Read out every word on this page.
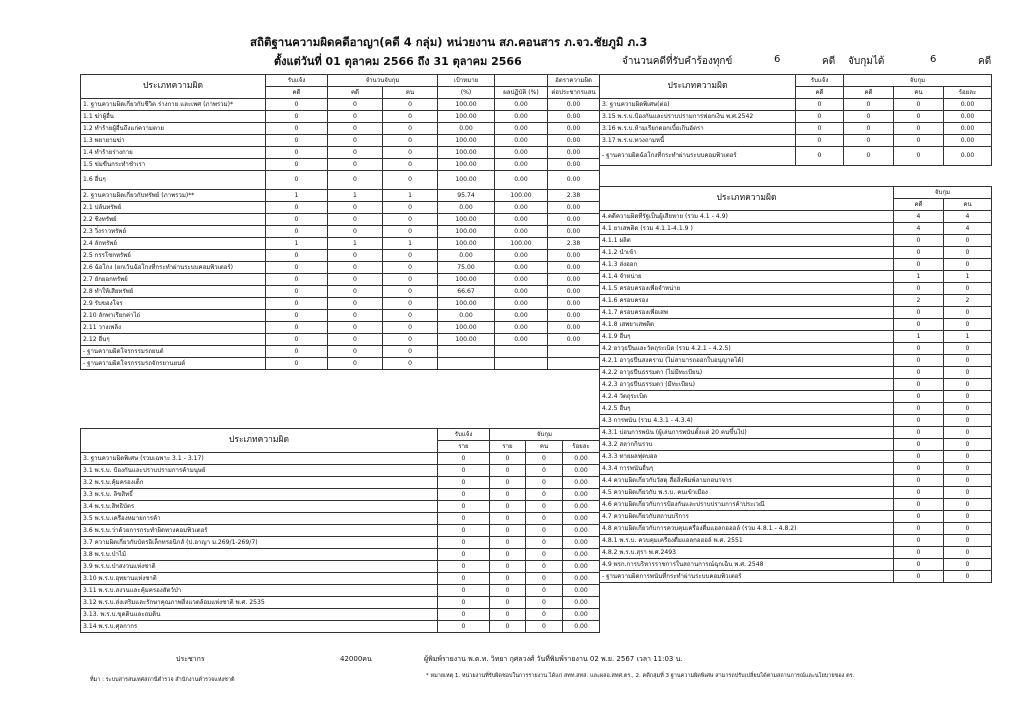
สถิติฐานความผิดคดีอาญา(คดี 4 กลุ่ม) หน่วยงาน สภ.คอนสาร ภ.จว.ชัยภูมิ ภ.3
ตั้งแต่วันที่ 01 ตุลาคม 2566 ถึง 31 ตุลาคม 2566	จำนวนคดีที่รับคำร้องทุกข์	6	คดี จับกุมได้	6	คดี
ประเภทความผิด	รับแจ้ง	จำนวนจับกุม		เป้าหมาย		อัตราความผิด
	คดี	คดี	คน	(%)	ผลปฏิบัติ (%)	ต่อประชากรแสน
1. ฐานความผิดเกี่ยวกับชีวิต ร่างกาย และเพศ (ภาพรวม)*	0	0	0	100.00	0.00	0.00
1.1 ฆ่าผู้อื่น	0	0	0	100.00	0.00	0.00
1.2 ทำร้ายผู้อื่นถึงแก่ความตาย	0	0	0	0.00	0.00	0.00
1.3 พยายามฆ่า	0	0	0	100.00	0.00	0.00
1.4 ทำร้ายร่างกาย	0	0	0	100.00	0.00	0.00
1.5 ข่มขืนกระทำชำเรา	0	0	0	100.00	0.00	0.00
1.6 อื่นๆ	0	0	0	100.00	0.00	0.00
2. ฐานความผิดเกี่ยวกับทรัพย์ (ภาพรวม)**	1	1	1	95.74	100.00	2.38
2.1 ปล้นทรัพย์	0	0	0	0.00	0.00	0.00
2.2 ชิงทรัพย์	0	0	0	100.00	0.00	0.00
2.3 วิ่งราวทรัพย์	0	0	0	100.00	0.00	0.00
2.4 ลักทรัพย์	1	1	1	100.00	100.00	2.38
2.5 กรรโชกทรัพย์	0	0	0	0.00	0.00	0.00
2.6 ฉ้อโกง (ยกเว้นฉ้อโกงที่กระทำผ่านระบบคอมพิวเตอร์)	0	0	0	75.00	0.00	0.00
2.7 ยักยอกทรัพย์	0	0	0	100.00	0.00	0.00
2.8 ทำให้เสียทรัพย์	0	0	0	66.67	0.00	0.00
2.9 รับของโจร	0	0	0	100.00	0.00	0.00
2.10 ลักพาเรียกค่าไถ่	0	0	0	0.00	0.00	0.00
2.11 วางเพลิง	0	0	0	100.00	0.00	0.00
2.12 อื่นๆ	0	0	0	100.00	0.00	0.00
- ฐานความผิดโจรกรรมรถยนต์	0	0	0			
- ฐานความผิดโจรกรรมรถจักรยานยนต์	0	0	0			
ประเภทความผิด	รับแจ้ง	จับกุม		
	คดี	คดี	คน	ร้อยละ
3. ฐานความผิดพิเศษ(ต่อ)	0	0	0	0.00
3.15 พ.ร.บ.ป้องกันและปราบปรามการฟอกเงิน พ.ศ.2542	0	0	0	0.00
3.16 พ.ร.บ.ห้ามเรียกดอกเบี้ยเกินอัตรา	0	0	0	0.00
3.17 พ.ร.บ.ทวงถามหนี้	0	0	0	0.00
- ฐานความผิดฉ้อโกงที่กระทำผ่านระบบคอมพิวเตอร์	0	0	0	0.00
ประเภทความผิด	จับกุม	
	คดี	คน
4.คดีความผิดที่รัฐเป็นผู้เสียหาย (รวม 4.1 - 4.9)	4	4
4.1 ยาเสพติด (รวม 4.1.1-4.1.9 )	4	4
4.1.1 ผลิต	0	0
4.1.2 นำเข้า	0	0
4.1.3 ส่งออก	0	0
4.1.4 จำหน่าย	1	1
4.1.5 ครอบครองเพื่อจำหน่าย	0	0
4.1.6 ครอบครอง	2	2
4.1.7 ครอบครองเพื่อเสพ	0	0
4.1.8 เสพยาเสพติด	0	0
4.1.9 อื่นๆ	1	1
4.2 อาวุธปืนและวัตถุระเบิด (รวม 4.2.1 - 4.2.5)	0	0
4.2.1 อาวุธปืนสงคราม (ไม่สามารถออกใบอนุญาตได้)	0	0
4.2.2 อาวุธปืนธรรมดา (ไม่มีทะเบียน)	0	0
4.2.3 อาวุธปืนธรรมดา (มีทะเบียน)	0	0
4.2.4 วัตถุระเบิด	0	0
4.2.5 อื่นๆ	0	0
4.3 การพนัน (รวม 4.3.1 - 4.3.4)	0	0
4.3.1 บ่อนการพนัน (ผู้เล่นการพนันตั้งแต่ 20 คนขึ้นไป)	0	0
4.3.2 สลากกินรวบ	0	0
4.3.3 ทายผลฟุตบอล	0	0
4.3.4 การพนันอื่นๆ	0	0
4.4 ความผิดเกี่ยวกับวัสดุ สื่อสิ่งพิมพ์ลามกอนาจาร	0	0
4.5 ความผิดเกี่ยวกับ พ.ร.บ. คนเข้าเมือง	0	0
4.6 ความผิดเกี่ยวกับการป้องกันและปราบปรามการค้าประเวณี	0	0
4.7 ความผิดเกี่ยวกับสถานบริการ	0	0
4.8 ความผิดเกี่ยวกับการควบคุมเครื่องดื่มแอลกอฮอล์ (รวม 4.8.1 - 4.8.2)	0	0
4.8.1 พ.ร.บ. ควบคุมเครื่องดื่มแอลกอฮอล์ พ.ศ. 2551	0	0
4.8.2 พ.ร.บ.สุรา พ.ศ.2493	0	0
4.9 พรก.การบริหารราชการในสถานการณ์ฉุกเฉิน พ.ศ. 2548	0	0
- ฐานความผิดการพนันที่กระทำผ่านระบบคอมพิวเตอร์	0	0
ประเภทความผิด	รับแจ้ง	จับกุม		
	ราย	ราย	คน	ร้อยละ
3. ฐานความผิดพิเศษ (รวมเฉพาะ 3.1 - 3.17)	0	0	0	0.00
3.1 พ.ร.บ. ป้องกันและปราบปรามการค้ามนุษย์	0	0	0	0.00
3.2 พ.ร.บ.คุ้มครองเด็ก	0	0	0	0.00
3.3 พ.ร.บ. ลิขสิทธิ์	0	0	0	0.00
3.4 พ.ร.บ.สิทธิบัตร	0	0	0	0.00
3.5 พ.ร.บ.เครื่องหมายการค้า	0	0	0	0.00
3.6 พ.ร.บ.ว่าด้วยการกระทำผิดทางคอมพิวเตอร์	0	0	0	0.00
3.7 ความผิดเกี่ยวกับบัตรอิเล็กทรอนิกส์ (ป.อาญา ม.269/1-269/7)	0	0	0	0.00
3.8 พ.ร.บ.ป่าไม้	0	0	0	0.00
3.9 พ.ร.บ.ป่าสงวนแห่งชาติ	0	0	0	0.00
3.10 พ.ร.บ.อุทยานแห่งชาติ	0	0	0	0.00
3.11 พ.ร.บ.สงวนและคุ้มครองสัตว์ป่า	0	0	0	0.00
3.12 พ.ร.บ.ส่งเสริมและรักษาคุณภาพสิ่งแวดล้อมแห่งชาติ พ.ศ. 2535	0	0	0	0.00
3.13. พ.ร.บ.ขุดดินและถมดิน	0	0	0	0.00
3.14 พ.ร.บ.ศุลกากร	0	0	0	0.00
ประชากร	42000คน	ผู้พิมพ์รายงาน พ.ต.ท. วิทยา กุศลวงศ์ วันที่พิมพ์รายงาน 02 พ.ย. 2567 เวลา 11:03 น.
ที่มา : ระบบสารสนเทศสถานีตำรวจ สำนักงานตำรวจแห่งชาติ
* หมายเหตุ 1. หน่วยงานที่รับผิดชอบในการรายงาน ได้แก่ สทท.สทส. และผลอ.สทศ.ตร., 2. คดีกลุ่มที่ 3 ฐานความผิดพิเศษ สามารถปรับเปลี่ยนได้ตามสถานการณ์และนโยบายของ ตร.
